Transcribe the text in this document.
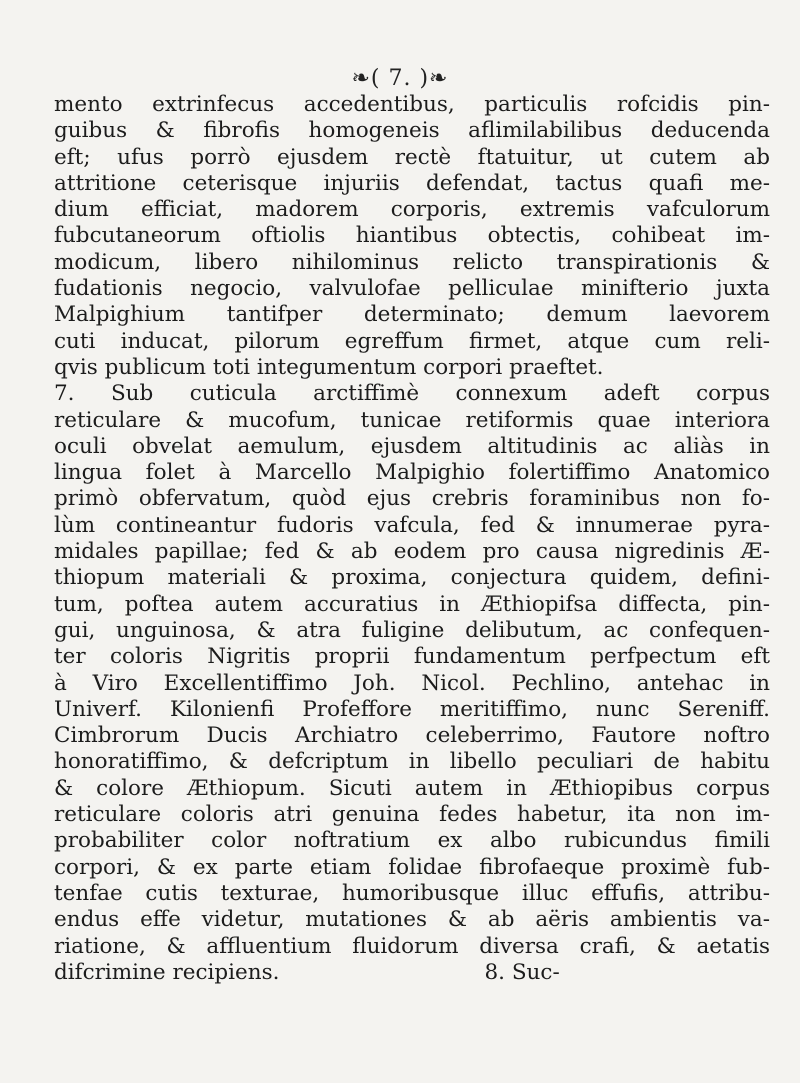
❧( 7. )❧
mento extrinfecus accedentibus, particulis rofcidis pin-
guibus & fibrofis homogeneis aflimilabilibus deducenda
eft; ufus porrò ejusdem rectè ftatuitur, ut cutem ab
attritione ceterisque injuriis defendat, tactus quafi me-
dium efficiat, madorem corporis, extremis vafculorum
fubcutaneorum oftiolis hiantibus obtectis, cohibeat im-
modicum, libero nihilominus relicto transpirationis &
fudationis negocio, valvulofae pelliculae minifterio juxta
Malpighium tantifper determinato; demum laevorem
cuti inducat, pilorum egreffum firmet, atque cum reli-
qvis publicum toti integumentum corpori praeftet.
7. Sub cuticula arctiffimè connexum adeft corpus
reticulare & mucofum, tunicae retiformis quae interiora
oculi obvelat aemulum, ejusdem altitudinis ac aliàs in
lingua folet à Marcello Malpighio folertiffimo Anatomico
primò obfervatum, quòd ejus crebris foraminibus non fo-
lùm contineantur fudoris vafcula, fed & innumerae pyra-
midales papillae; fed & ab eodem pro causa nigredinis Æ-
thiopum materiali & proxima, conjectura quidem, defini-
tum, poftea autem accuratius in Æthiopifsa diffecta, pin-
gui, unguinosa, & atra fuligine delibutum, ac confequen-
ter coloris Nigritis proprii fundamentum perfpectum eft
à Viro Excellentiffimo Joh. Nicol. Pechlino, antehac in
Univerf. Kilonienfi Profeffore meritiffimo, nunc Sereniff.
Cimbrorum Ducis Archiatro celeberrimo, Fautore noftro
honoratiffimo, & defcriptum in libello peculiari de habitu
& colore Æthiopum. Sicuti autem in Æthiopibus corpus
reticulare coloris atri genuina fedes habetur, ita non im-
probabiliter color noftratium ex albo rubicundus fimili
corpori, & ex parte etiam folidae fibrofaeque proximè fub-
tenfae cutis texturae, humoribusque illuc effufis, attribu-
endus effe videtur, mutationes & ab aëris ambientis va-
riatione, & affluentium fluidorum diversa crafi, & aetatis
difcrimine recipiens.                              8. Suc-
